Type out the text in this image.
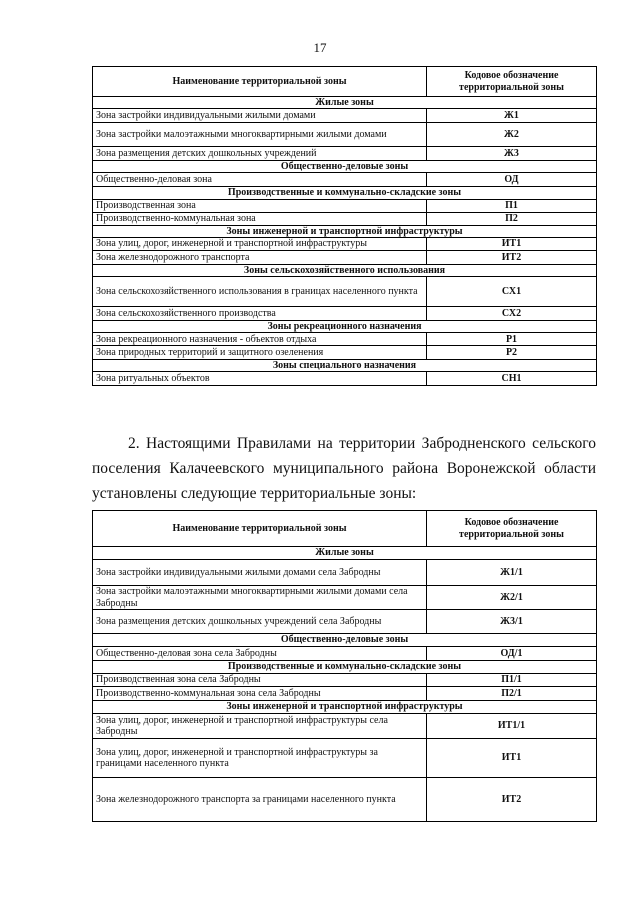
17
Наименование территориальной зоны	Кодовое обозначение территориальной зоны
Жилые зоны	
Зона застройки индивидуальными жилыми домами	Ж1
Зона застройки малоэтажными многоквартирными жилыми домами	Ж2
Зона размещения детских дошкольных учреждений	Ж3
Общественно-деловые зоны	
Общественно-деловая зона	ОД
Производственные и коммунально-складские зоны	
Производственная зона	П1
Производственно-коммунальная зона	П2
Зоны инженерной и транспортной инфраструктуры	
Зона улиц, дорог, инженерной и транспортной инфраструктуры	ИТ1
Зона железнодорожного транспорта	ИТ2
Зоны сельскохозяйственного использования	
Зона сельскохозяйственного использования в границах населенного пункта	СХ1
Зона сельскохозяйственного производства	СХ2
Зоны рекреационного назначения	
Зона рекреационного назначения - объектов отдыха	Р1
Зона природных территорий и защитного озеленения	Р2
Зоны специального назначения	
Зона ритуальных объектов	СН1
2. Настоящими Правилами на территории Забродненского сельского
поселения Калачеевского муниципального района Воронежской области
установлены следующие территориальные зоны:
Наименование территориальной зоны	Кодовое обозначение территориальной зоны
Жилые зоны	
Зона застройки индивидуальными жилыми домами села Забродны	Ж1/1
Зона застройки малоэтажными многоквартирными жилыми домами села Забродны	Ж2/1
Зона размещения детских дошкольных учреждений села Забродны	Ж3/1
Общественно-деловые зоны	
Общественно-деловая зона села Забродны	ОД/1
Производственные и коммунально-складские зоны	
Производственная зона села Забродны	П1/1
Производственно-коммунальная зона села Забродны	П2/1
Зоны инженерной и транспортной инфраструктуры	
Зона улиц, дорог, инженерной и транспортной инфраструктуры села Забродны	ИТ1/1
Зона улиц, дорог, инженерной и транспортной инфраструктуры за границами населенного пункта	ИТ1
Зона железнодорожного транспорта за границами населенного пункта	ИТ2
